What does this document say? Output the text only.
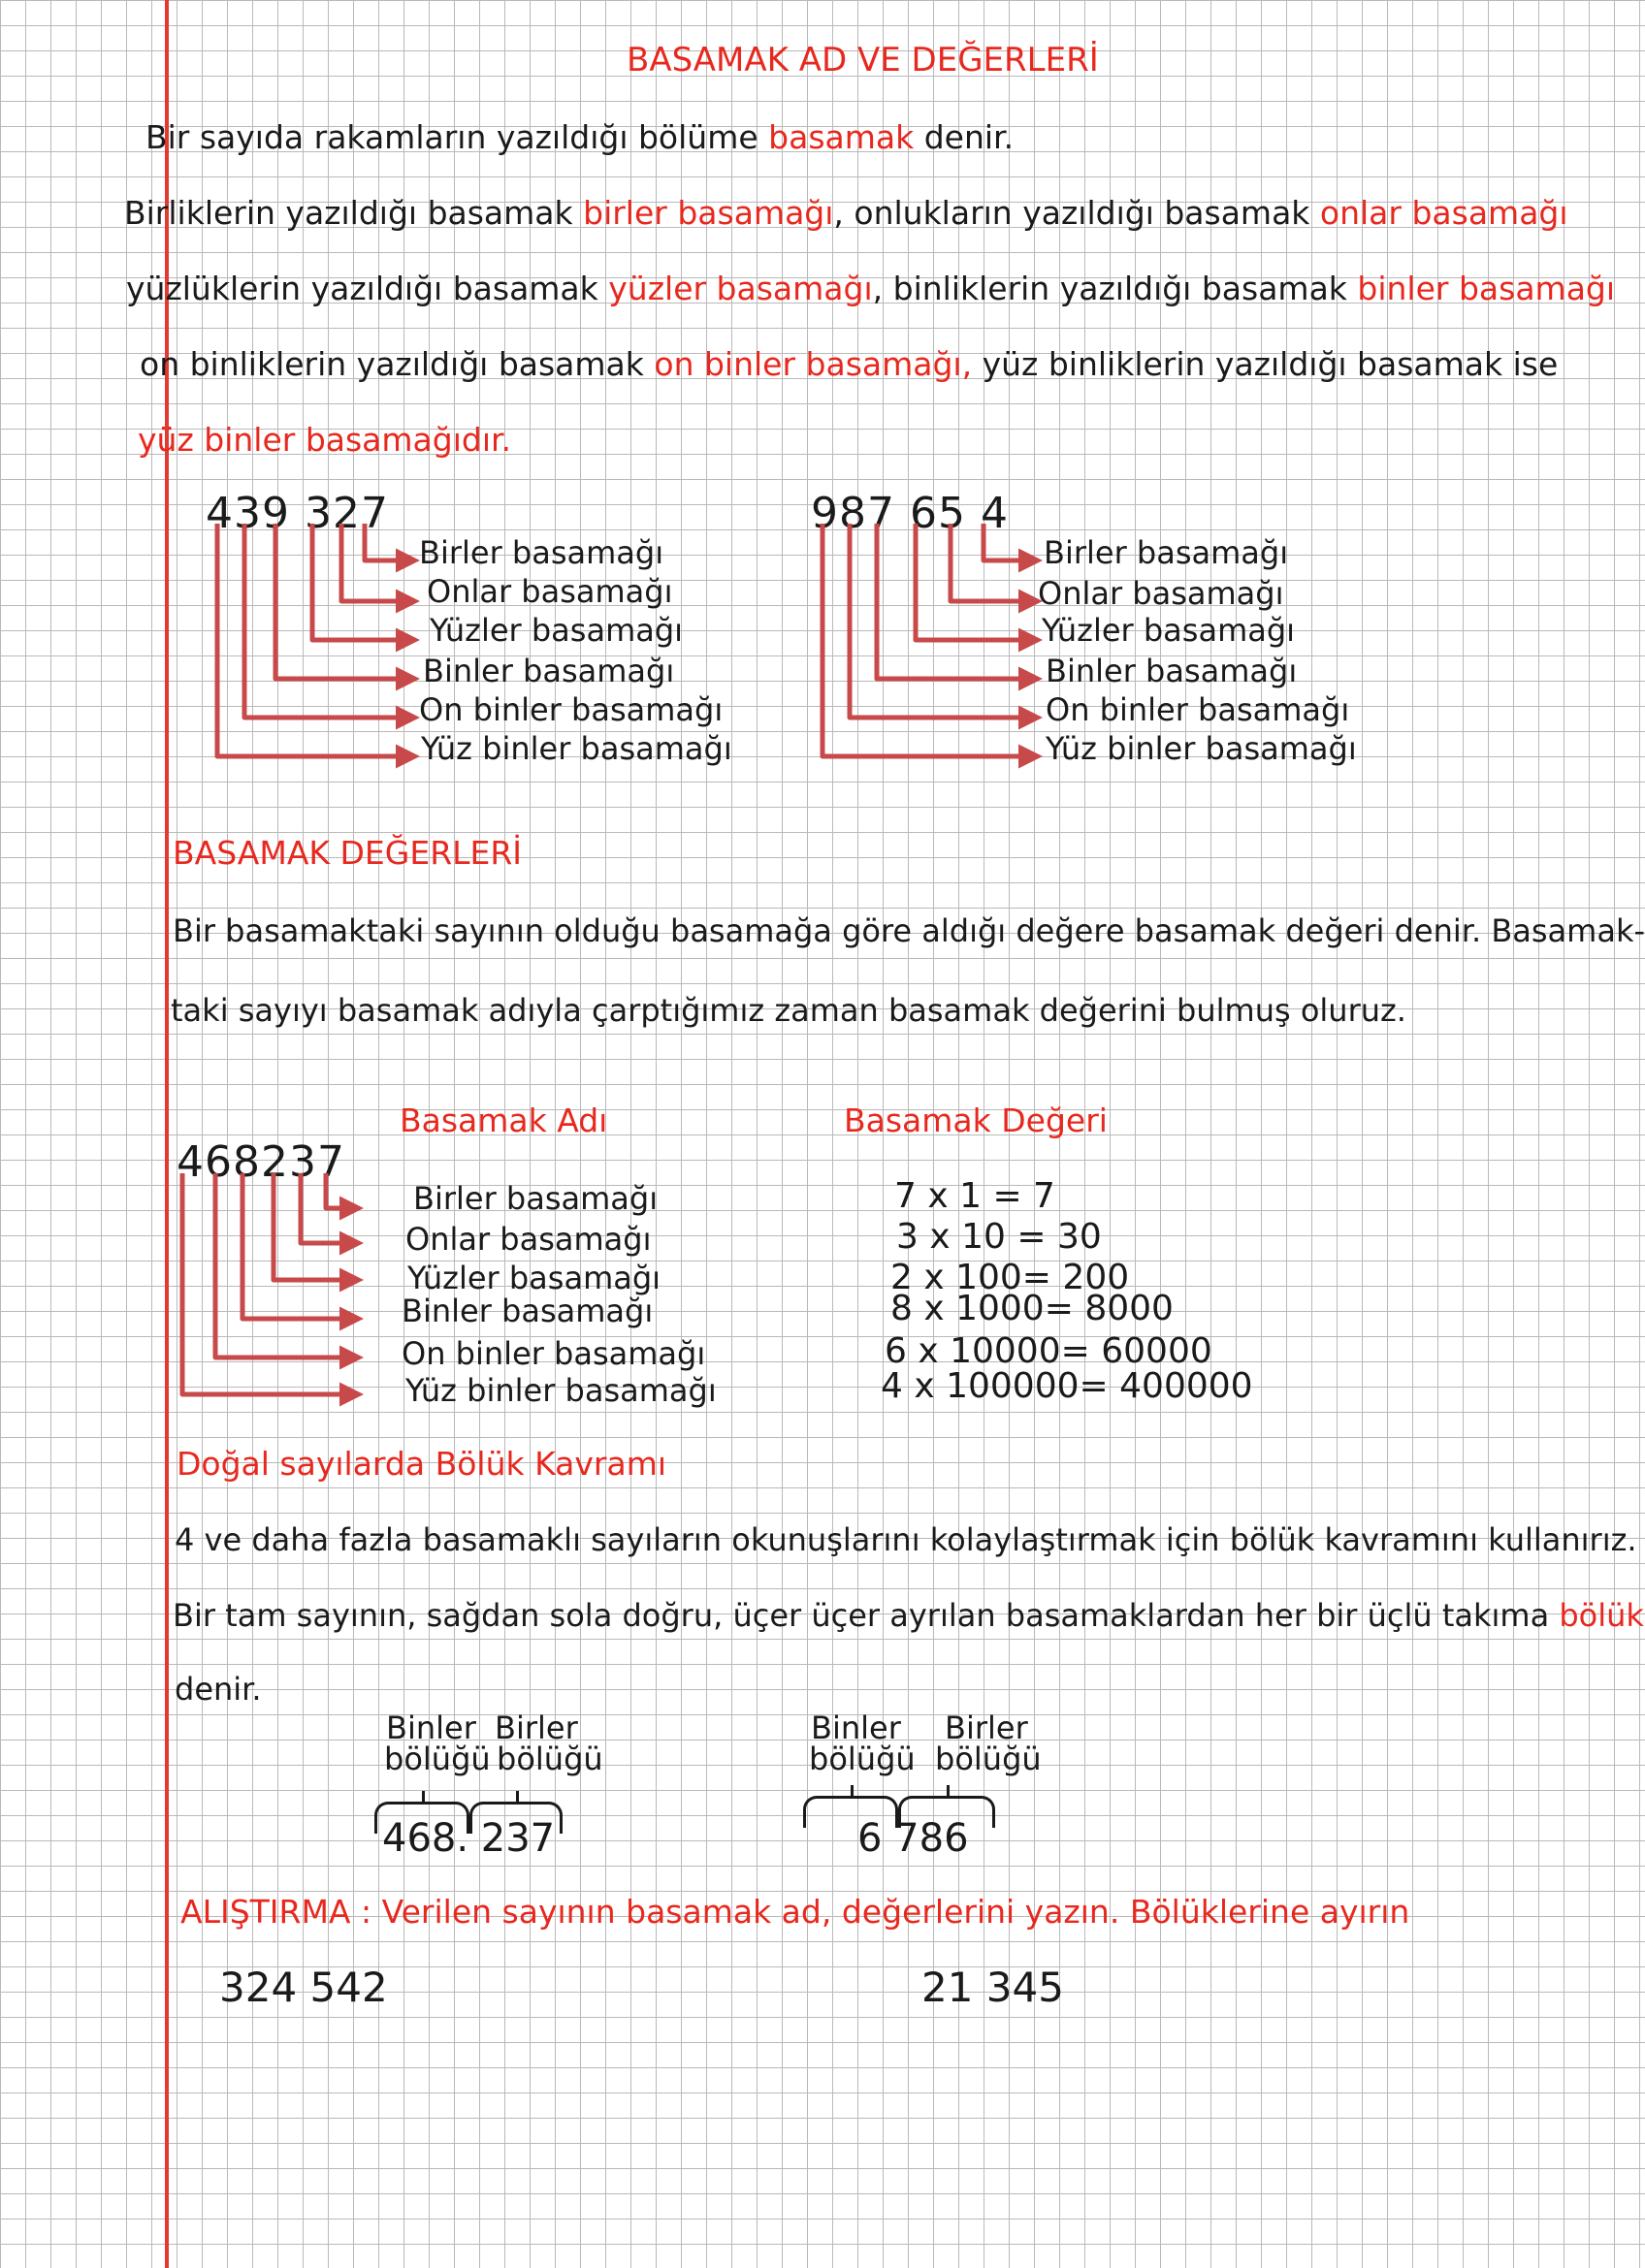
BASAMAK AD VE DEĞERLERİ
Bir sayıda rakamların yazıldığı bölüme basamak denir.
Birliklerin yazıldığı basamak birler basamağı, onlukların yazıldığı basamak onlar basamağı
yüzlüklerin yazıldığı basamak yüzler basamağı, binliklerin yazıldığı basamak binler basamağı
on binliklerin yazıldığı basamak on binler basamağı, yüz binliklerin yazıldığı basamak ise
yüz binler basamağıdır.
439 327
Birler basamağı
Onlar basamağı
Yüzler basamağı
Binler basamağı
On binler basamağı
Yüz binler basamağı
987 65 4
Birler basamağı
Onlar basamağı
Yüzler basamağı
Binler basamağı
On binler basamağı
Yüz binler basamağı
BASAMAK DEĞERLERİ
Bir basamaktaki sayının olduğu basamağa göre aldığı değere basamak değeri denir. Basamak-
taki sayıyı basamak adıyla çarptığımız zaman basamak değerini bulmuş oluruz.
Basamak Adı	Basamak Değeri
468237
Birler basamağı
Onlar basamağı
Yüzler basamağı
Binler basamağı
On binler basamağı
Yüz binler basamağı
7 x 1 = 7
3 x 10 = 30
2 x 100= 200
8 x 1000= 8000
6 x 10000= 60000
4 x 100000= 400000
Doğal sayılarda Bölük Kavramı
4 ve daha fazla basamaklı sayıların okunuşlarını kolaylaştırmak için bölük kavramını kullanırız.
Bir tam sayının, sağdan sola doğru, üçer üçer ayrılan basamaklardan her bir üçlü takıma bölük
denir.
Binler
bölüğü
Birler
bölüğü
468. 237
Binler
bölüğü
Birler
bölüğü
6 786
ALIŞTIRMA : Verilen sayının basamak ad, değerlerini yazın. Bölüklerine ayırın
324 542	21 345
